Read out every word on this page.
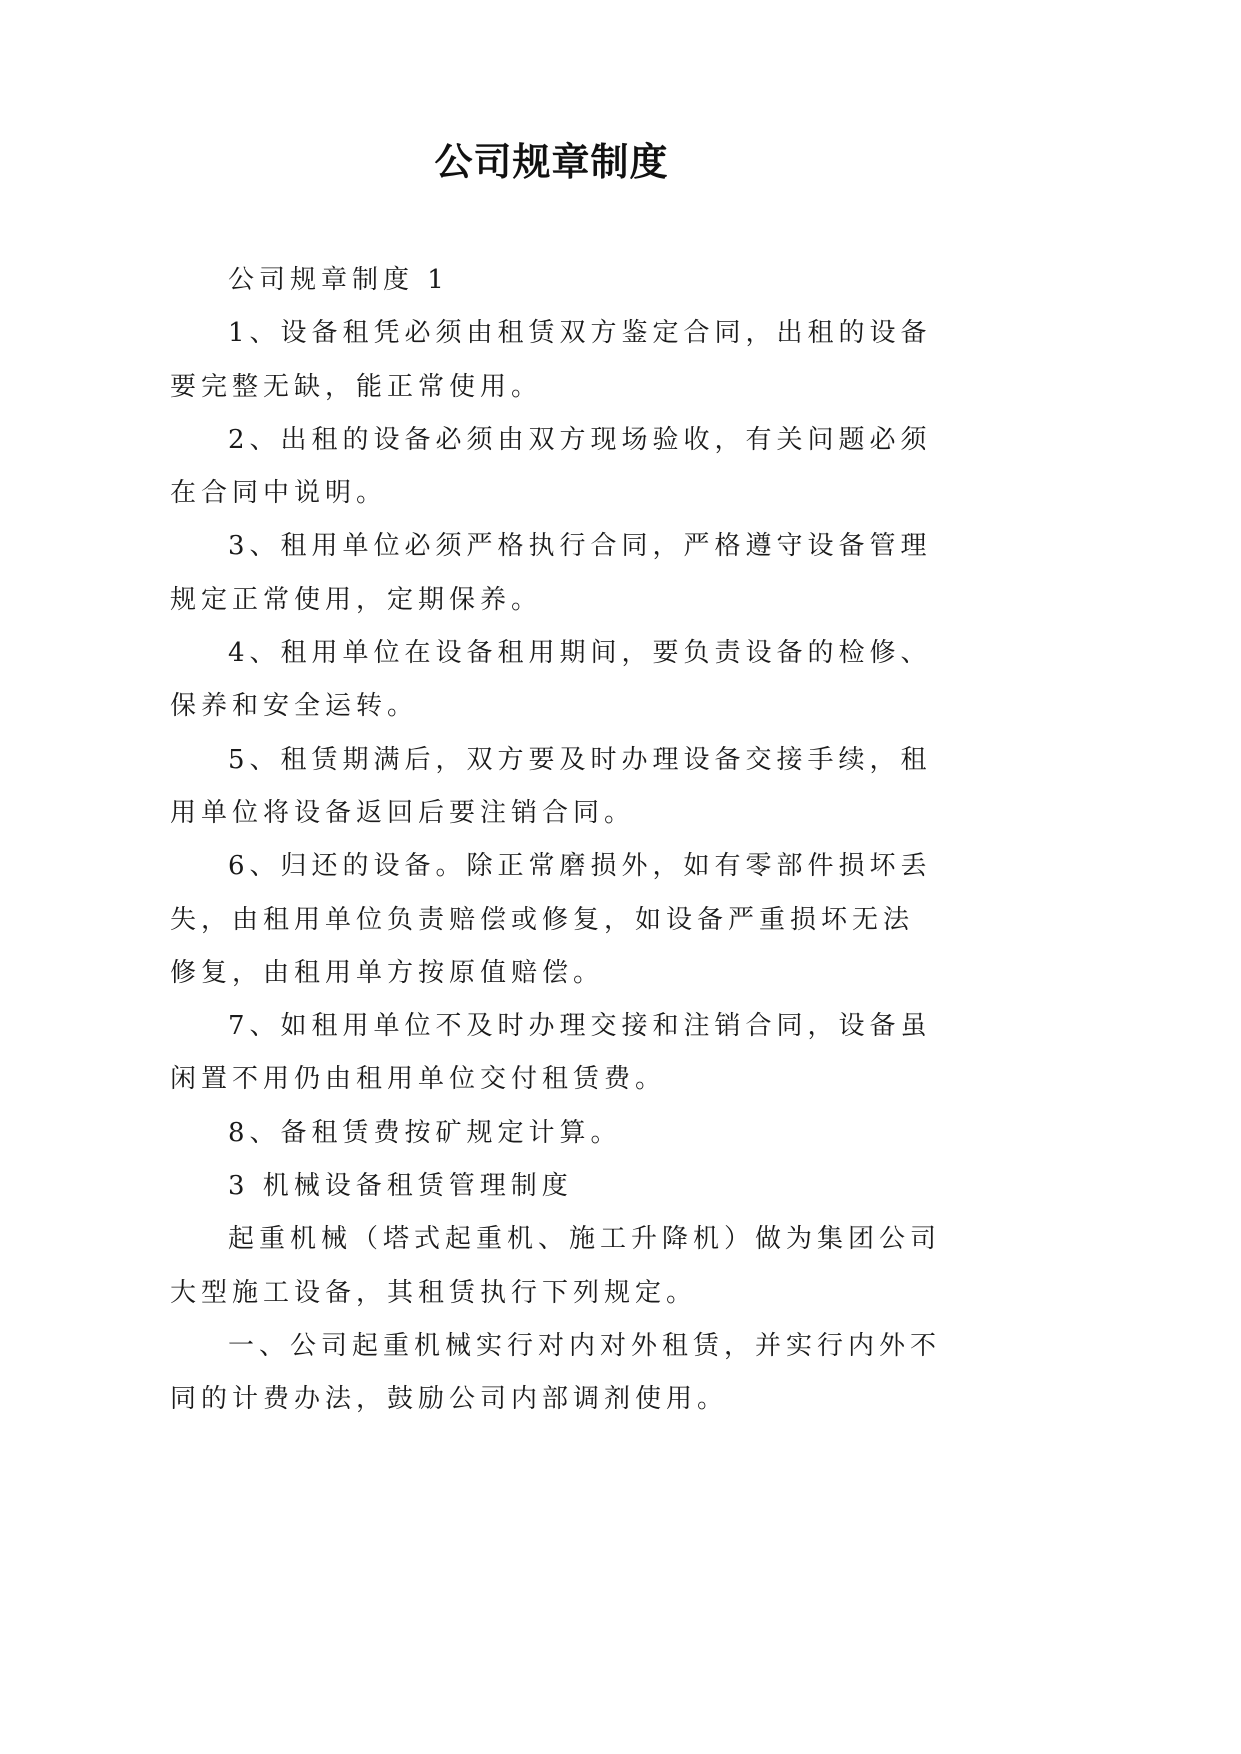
公司规章制度

公司规章制度 1

1、设备租凭必须由租赁双方鉴定合同，出租的设备要完整无缺，能正常使用。

2、出租的设备必须由双方现场验收，有关问题必须在合同中说明。

3、租用单位必须严格执行合同，严格遵守设备管理规定正常使用，定期保养。

4、租用单位在设备租用期间，要负责设备的检修、保养和安全运转。

5、租赁期满后，双方要及时办理设备交接手续，租用单位将设备返回后要注销合同。

6、归还的设备。除正常磨损外，如有零部件损坏丢失，由租用单位负责赔偿或修复，如设备严重损坏无法修复，由租用单方按原值赔偿。

7、如租用单位不及时办理交接和注销合同，设备虽闲置不用仍由租用单位交付租赁费。

8、备租赁费按矿规定计算。

3 机械设备租赁管理制度

起重机械（塔式起重机、施工升降机）做为集团公司大型施工设备，其租赁执行下列规定。

一、公司起重机械实行对内对外租赁，并实行内外不同的计费办法，鼓励公司内部调剂使用。
